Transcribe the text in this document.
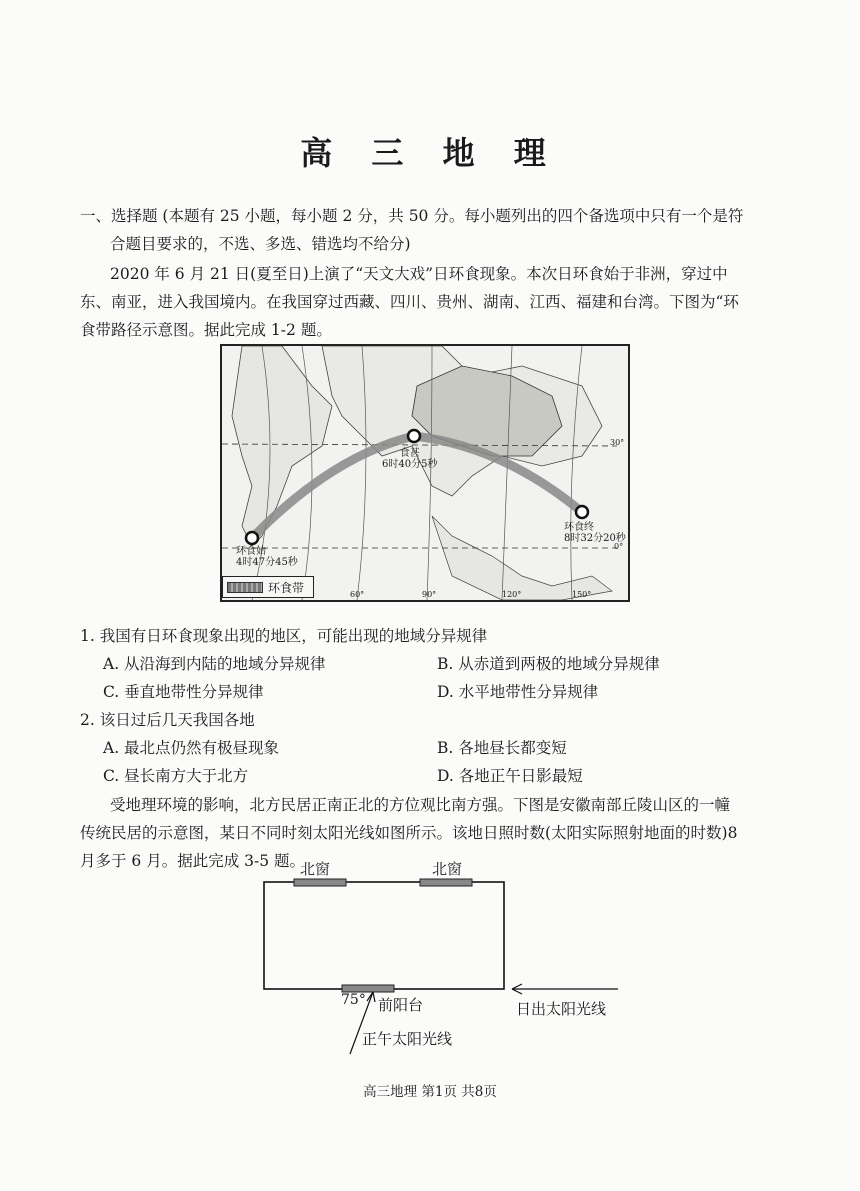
高 三 地 理
一、选择题 (本题有 25 小题，每小题 2 分，共 50 分。每小题列出的四个备选项中只有一个是符
合题目要求的，不选、多选、错选均不给分)
2020 年 6 月 21 日(夏至日)上演了“天文大戏”日环食现象。本次日环食始于非洲，穿过中
东、南亚，进入我国境内。在我国穿过西藏、四川、贵州、湖南、江西、福建和台湾。下图为“环
食带路径示意图。据此完成 1-2 题。
食甚
6时40分5秒
环食始
4时47分45秒
环食终
8时32分20秒
30°
0°
60°	90°	120°	150°
环食带
1. 我国有日环食现象出现的地区，可能出现的地域分异规律
A. 从沿海到内陆的地域分异规律	B. 从赤道到两极的地域分异规律
C. 垂直地带性分异规律	D. 水平地带性分异规律
2. 该日过后几天我国各地
A. 最北点仍然有极昼现象	B. 各地昼长都变短
C. 昼长南方大于北方	D. 各地正午日影最短
受地理环境的影响，北方民居正南正北的方位观比南方强。下图是安徽南部丘陵山区的一幢
传统民居的示意图，某日不同时刻太阳光线如图所示。该地日照时数(太阳实际照射地面的时数)8
月多于 6 月。据此完成 3-5 题。
北窗	北窗
75° 前阳台	日出太阳光线
正午太阳光线
高三地理 第1页 共8页
